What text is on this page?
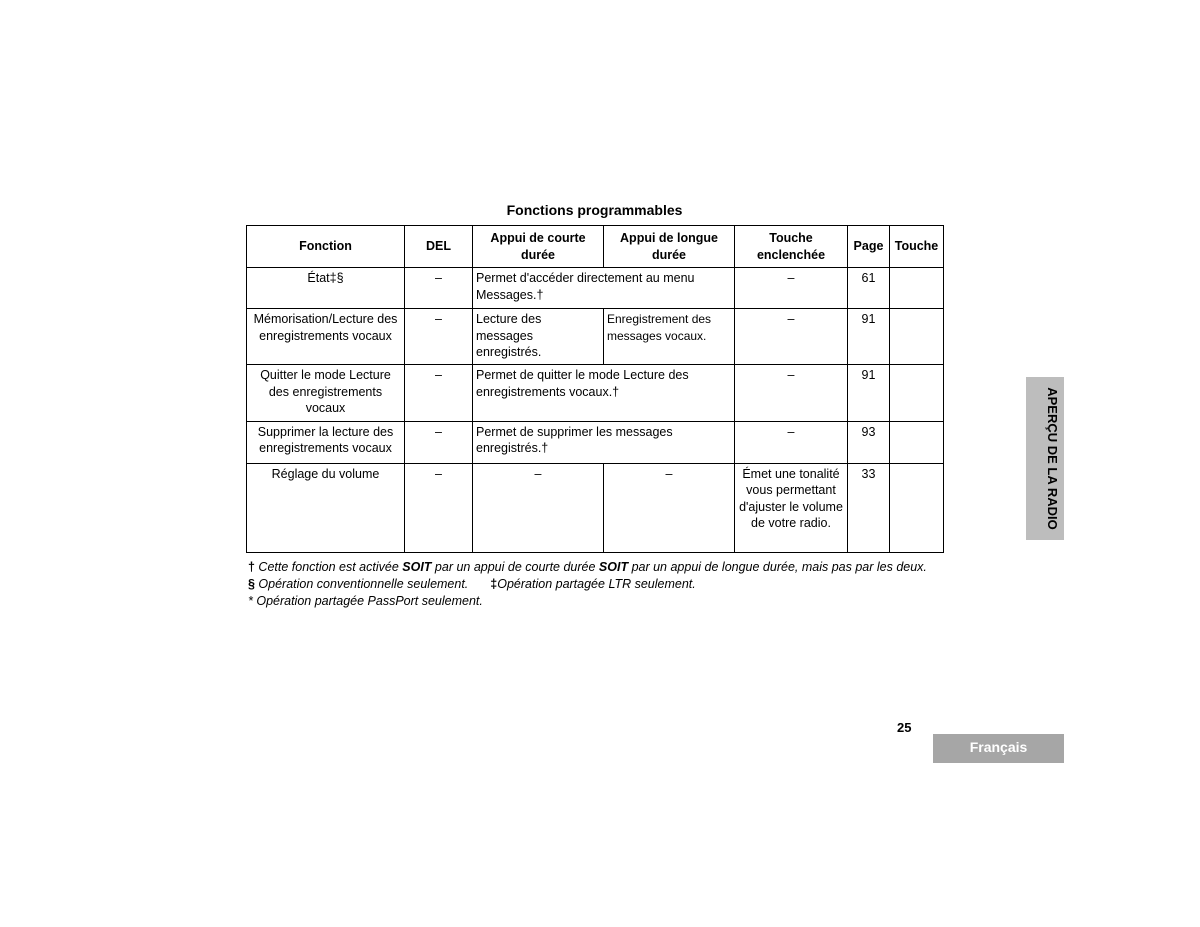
Fonctions programmables
Fonction	DEL	Appui de courte durée	Appui de longue durée	Touche enclenchée	Page	Touche
État‡§	–	Permet d'accéder directement au menu Messages.†		–	61	
Mémorisation/Lecture des enregistrements vocaux	–	Lecture des messages enregistrés.	Enregistrement des messages vocaux.	–	91	
Quitter le mode Lecture des enregistrements vocaux	–	Permet de quitter le mode Lecture des enregistrements vocaux.†		–	91	
Supprimer la lecture des enregistrements vocaux	–	Permet de supprimer les messages enregistrés.†		–	93	
Réglage du volume	–	–	–	Émet une tonalité vous permettant d'ajuster le volume de votre radio.	33	
† Cette fonction est activée SOIT par un appui de courte durée SOIT par un appui de longue durée, mais pas par les deux.
§ Opération conventionnelle seulement. ‡Opération partagée LTR seulement.
* Opération partagée PassPort seulement.
APERÇU DE LA RADIO
25
Français
